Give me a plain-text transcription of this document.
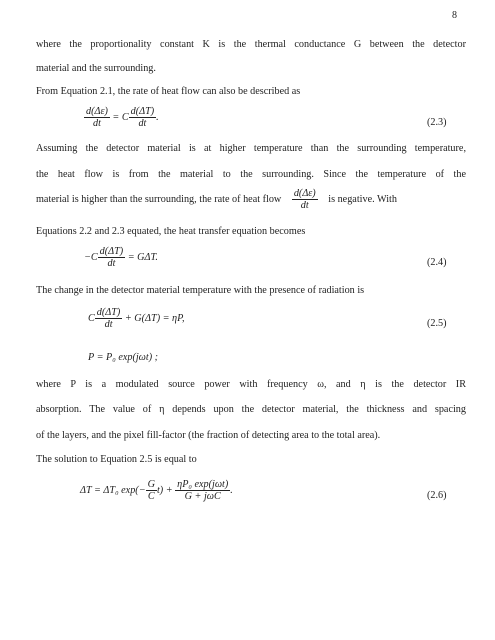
8
where the proportionality constant K is the thermal conductance G between the detector
material and the surrounding.
From Equation 2.1, the rate of heat flow can also be described as
$\frac{d(\Delta\varepsilon)}{dt} = C \frac{d(\Delta T)}{dt}$ .	(2.3)
Assuming the detector material is at higher temperature than the surrounding temperature,
the heat flow is from the material to the surrounding. Since the temperature of the
material is higher than the surrounding, the rate of heat flow $\frac{d(\Delta\varepsilon)}{dt}$ is negative. With
Equations 2.2 and 2.3 equated, the heat transfer equation becomes
$-C \frac{d(\Delta T)}{dt} = G\Delta T$.	(2.4)
The change in the detector material temperature with the presence of radiation is
C $\frac{d(\Delta T)}{dt} + G(\Delta T) = \eta P$,	(2.5)
P = P₀ exp(jωt) ;
where P is a modulated source power with frequency ω, and η is the detector IR
absorption. The value of η depends upon the detector material, the thickness and spacing
of the layers, and the pixel fill-factor (the fraction of detecting area to the total area).
The solution to Equation 2.5 is equal to
ΔT = ΔT₀ $\exp(- \frac{G}{C} t) + \frac{\text{ηP₀ exp(jωt)}}{\text{G + jωC}}$ .	(2.6)
